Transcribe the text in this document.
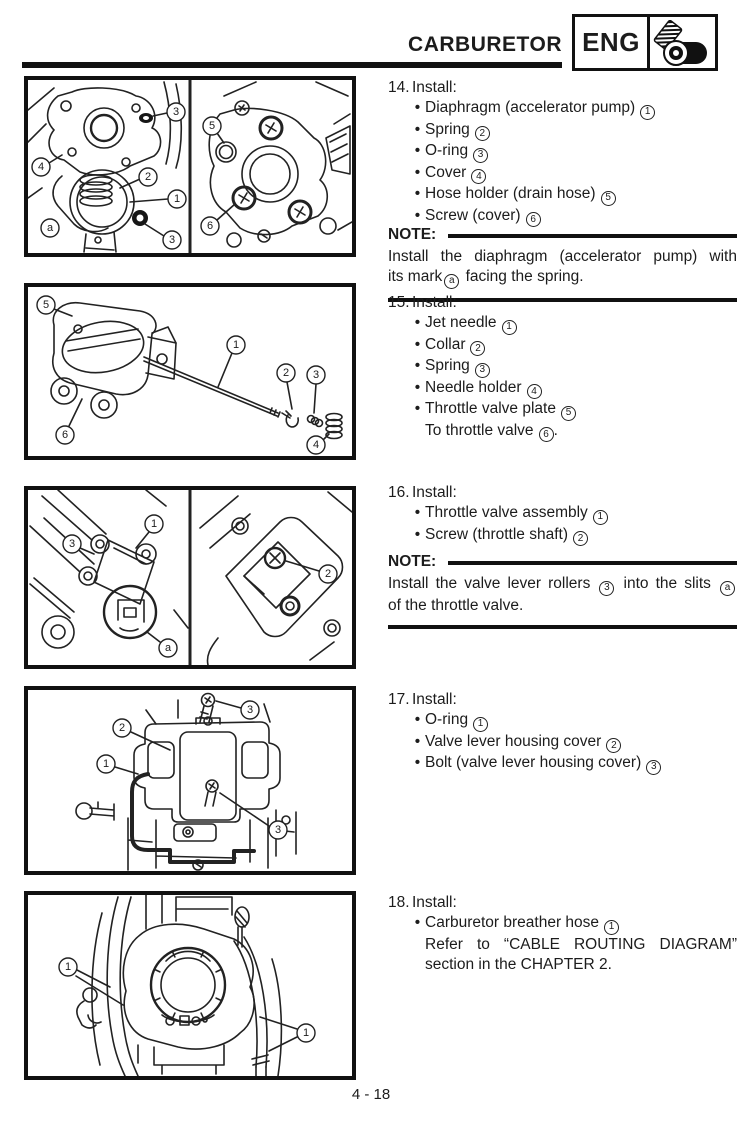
CARBURETOR ENG
3
4
2
1
a
3
5
6
5
6
1
2 3
4
3
1
a
2
3
2
1
3
1
1
14. Install:
• Diaphragm (accelerator pump) 1
• Spring 2
• O-ring 3
• Cover 4
• Hose holder (drain hose) 5
• Screw (cover) 6
NOTE:
Install the diaphragm (accelerator pump) with
its mark a facing the spring.
15. Install:
• Jet needle 1
• Collar 2
• Spring 3
• Needle holder 4
• Throttle valve plate 5
To throttle valve 6 .
16. Install:
• Throttle valve assembly 1
• Screw (throttle shaft) 2
NOTE:
Install the valve lever rollers 3 into the slits a
of the throttle valve.
17. Install:
• O-ring 1
• Valve lever housing cover 2
• Bolt (valve lever housing cover) 3
18. Install:
• Carburetor breather hose 1
Refer to “CABLE ROUTING DIAGRAM”
section in the CHAPTER 2.
4 - 18
